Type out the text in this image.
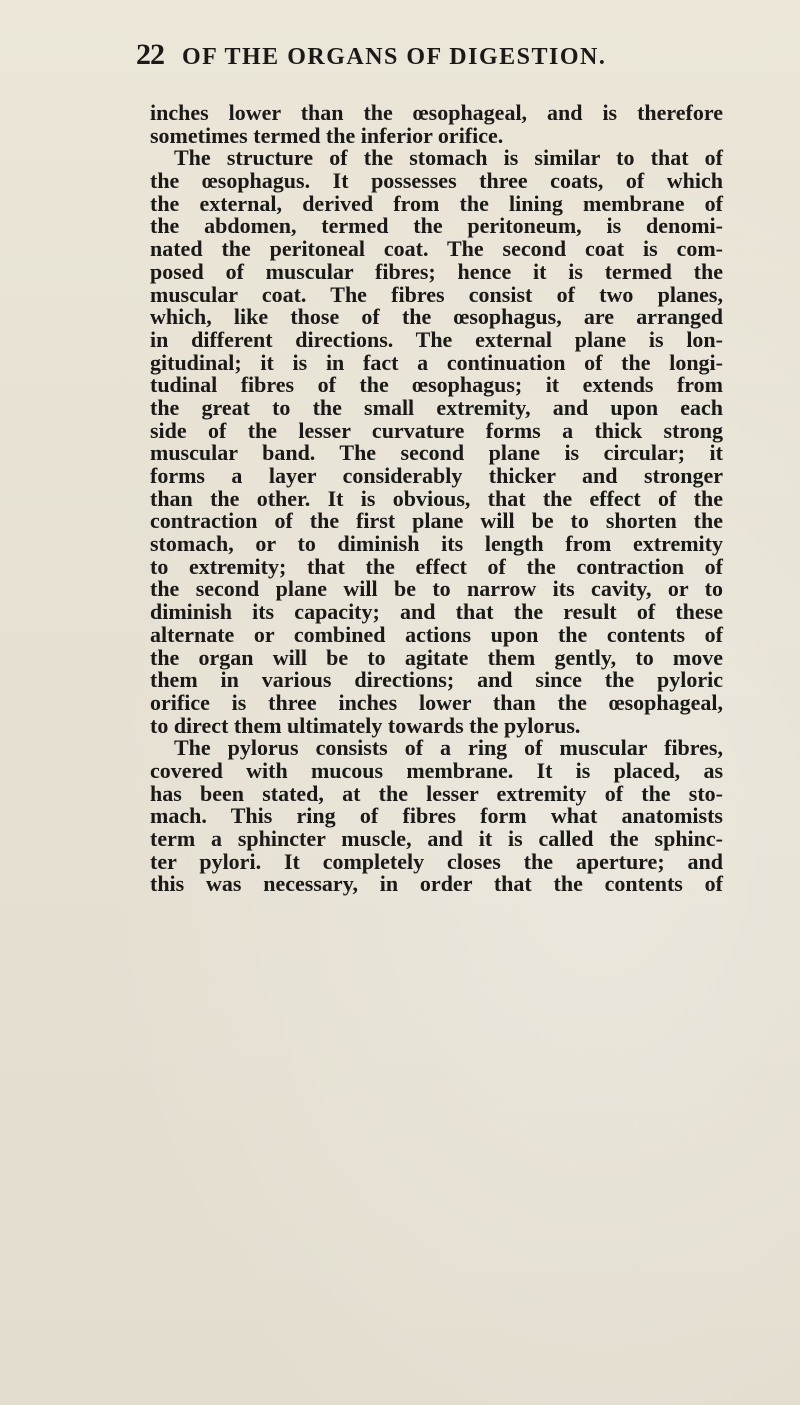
22 OF THE ORGANS OF DIGESTION.
inches lower than the œsophageal, and is therefore
sometimes termed the inferior orifice.
The structure of the stomach is similar to that of
the œsophagus. It possesses three coats, of which
the external, derived from the lining membrane of
the abdomen, termed the peritoneum, is denomi-
nated the peritoneal coat. The second coat is com-
posed of muscular fibres; hence it is termed the
muscular coat. The fibres consist of two planes,
which, like those of the œsophagus, are arranged
in different directions. The external plane is lon-
gitudinal; it is in fact a continuation of the longi-
tudinal fibres of the œsophagus; it extends from
the great to the small extremity, and upon each
side of the lesser curvature forms a thick strong
muscular band. The second plane is circular; it
forms a layer considerably thicker and stronger
than the other. It is obvious, that the effect of the
contraction of the first plane will be to shorten the
stomach, or to diminish its length from extremity
to extremity; that the effect of the contraction of
the second plane will be to narrow its cavity, or to
diminish its capacity; and that the result of these
alternate or combined actions upon the contents of
the organ will be to agitate them gently, to move
them in various directions; and since the pyloric
orifice is three inches lower than the œsophageal,
to direct them ultimately towards the pylorus.
The pylorus consists of a ring of muscular fibres,
covered with mucous membrane. It is placed, as
has been stated, at the lesser extremity of the sto-
mach. This ring of fibres form what anatomists
term a sphincter muscle, and it is called the sphinc-
ter pylori. It completely closes the aperture; and
this was necessary, in order that the contents of
